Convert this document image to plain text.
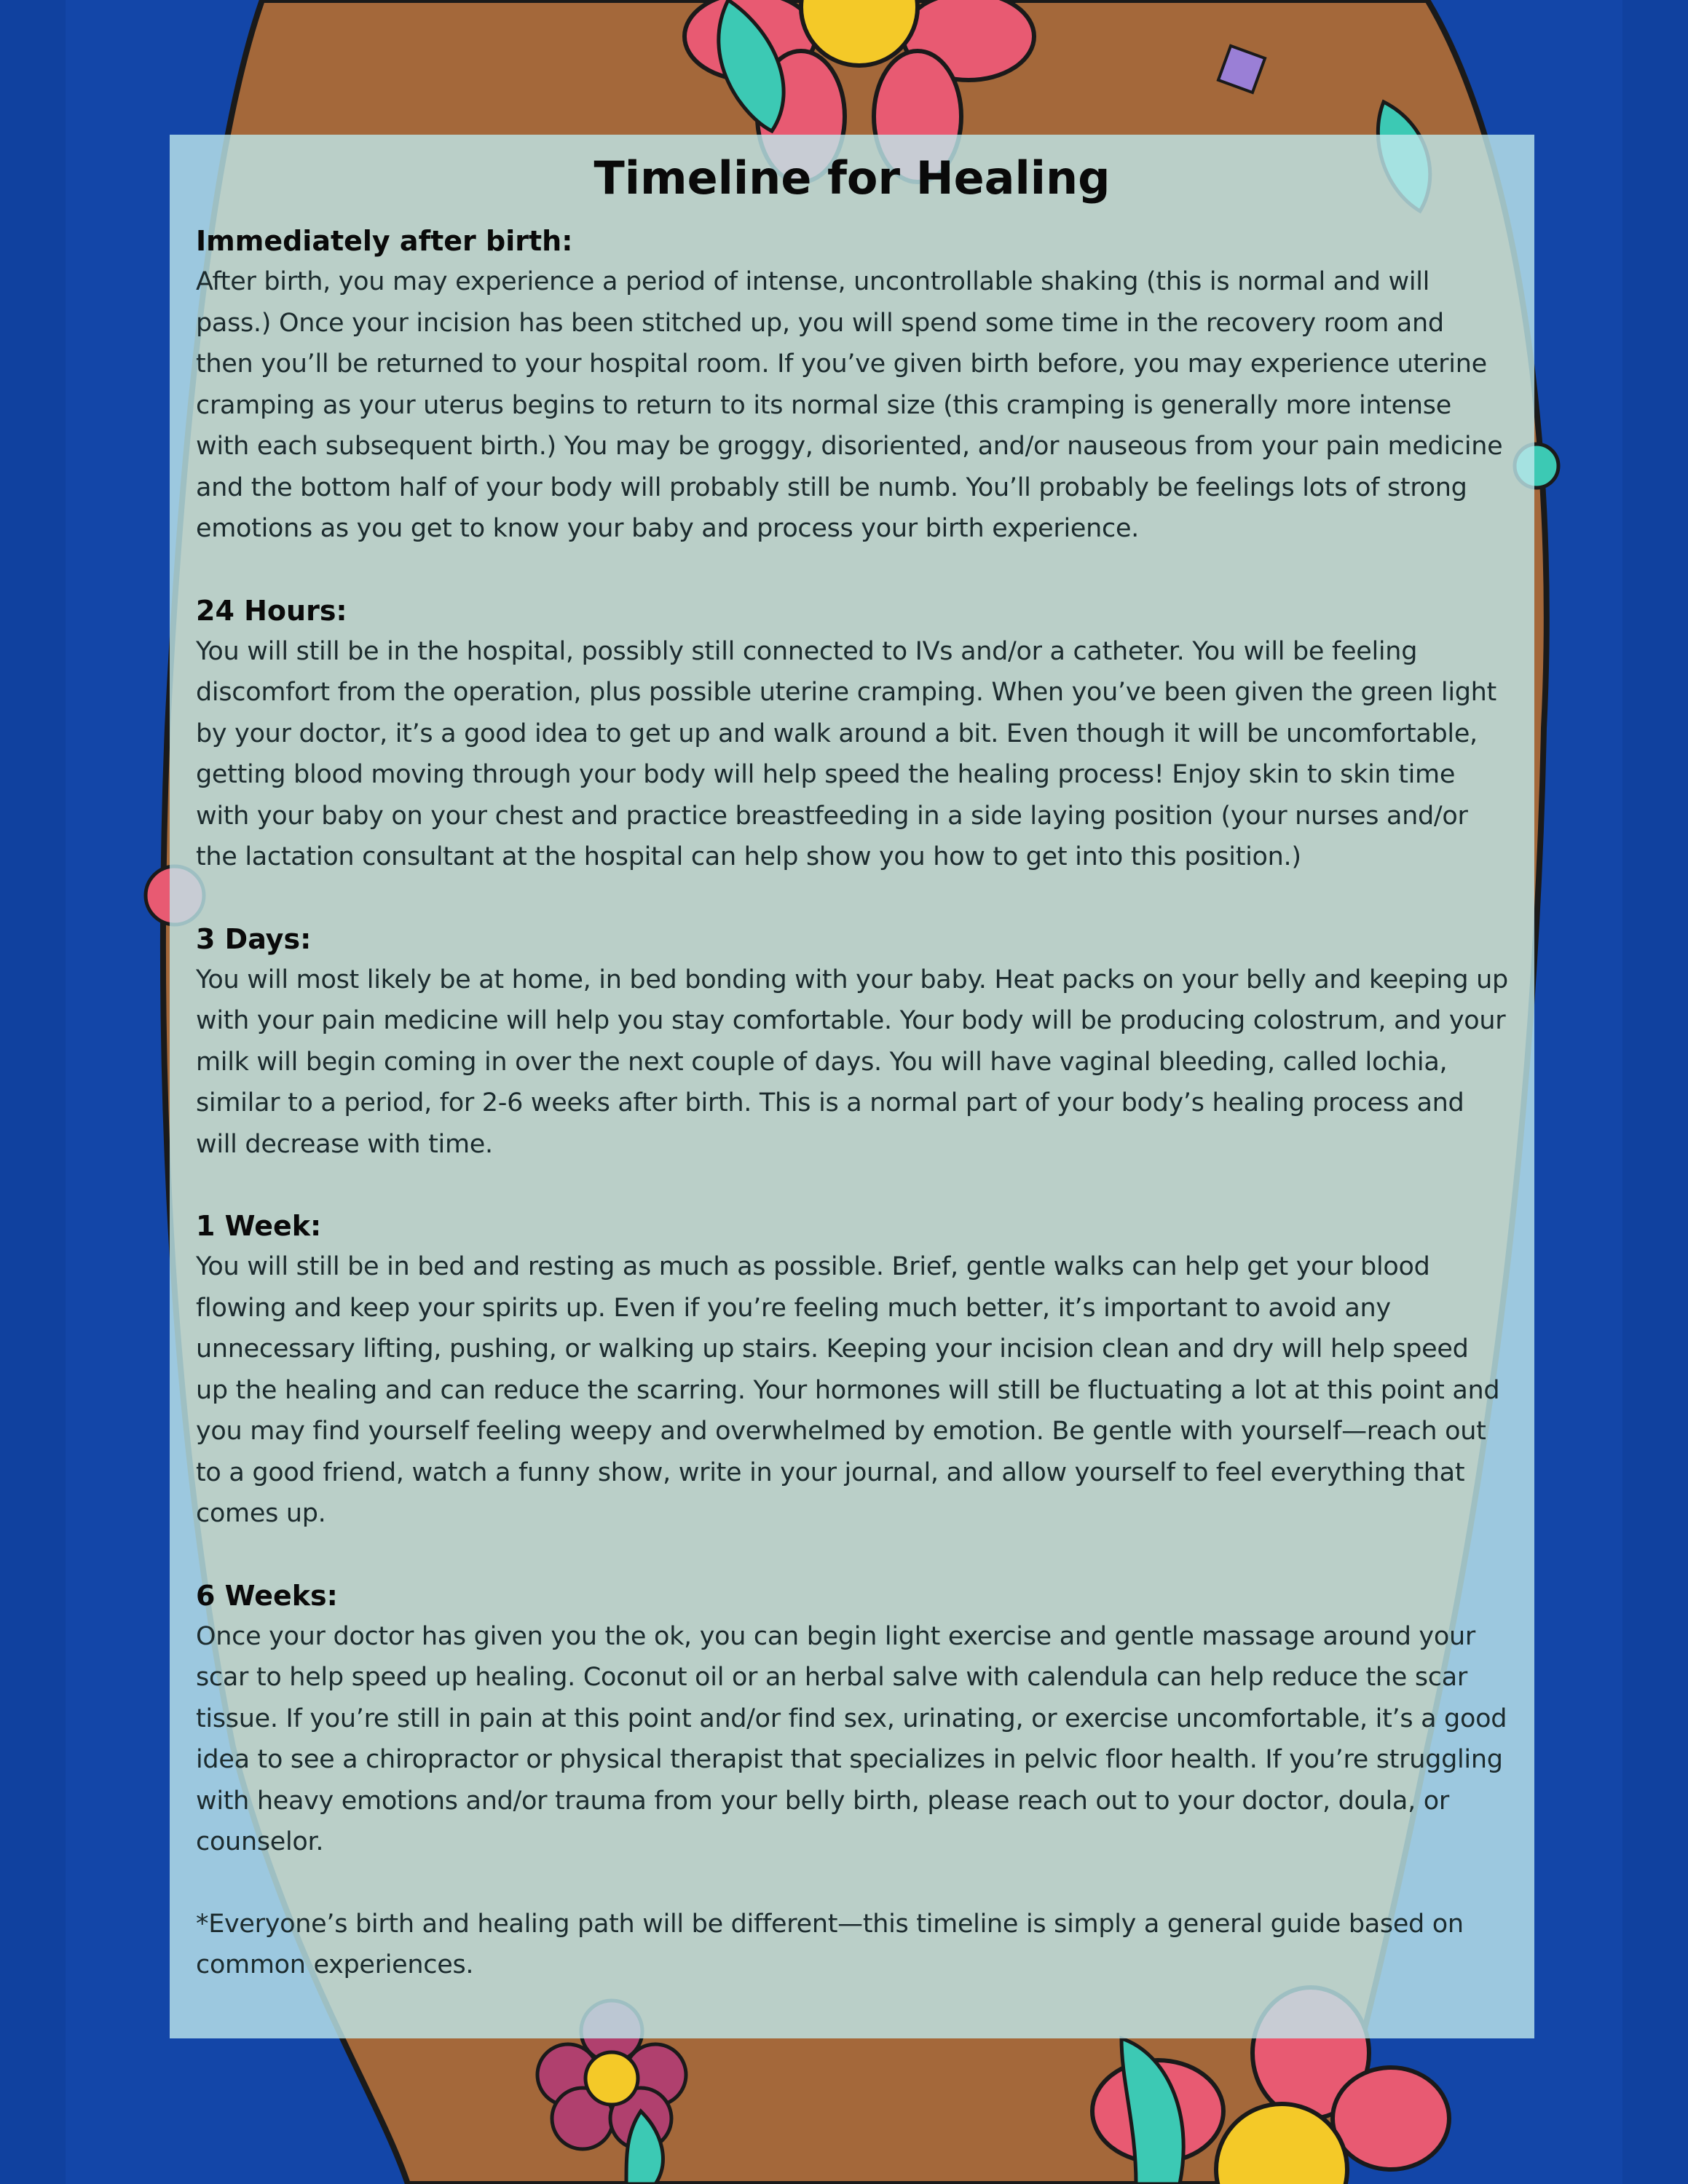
Timeline for Healing
Immediately after birth:

After birth, you may experience a period of intense, uncontrollable shaking (this is normal and will pass.) Once your incision has been stitched up, you will spend some time in the recovery room and then you’ll be returned to your hospital room. If you’ve given birth before, you may experience uterine cramping as your uterus begins to return to its normal size (this cramping is generally more intense with each subsequent birth.) You may be groggy, disoriented, and/or nauseous from your pain medicine and the bottom half of your body will probably still be numb. You’ll probably be feelings lots of strong emotions as you get to know your baby and process your birth experience.

24 Hours:

You will still be in the hospital, possibly still connected to IVs and/or a catheter. You will be feeling discomfort from the operation, plus possible uterine cramping. When you’ve been given the green light by your doctor, it’s a good idea to get up and walk around a bit. Even though it will be uncomfortable, getting blood moving through your body will help speed the healing process! Enjoy skin to skin time with your baby on your chest and practice breastfeeding in a side laying position (your nurses and/or the lactation consultant at the hospital can help show you how to get into this position.)

3 Days:

You will most likely be at home, in bed bonding with your baby. Heat packs on your belly and keeping up with your pain medicine will help you stay comfortable. Your body will be producing colostrum, and your milk will begin coming in over the next couple of days. You will have vaginal bleeding, called lochia, similar to a period, for 2-6 weeks after birth. This is a normal part of your body’s healing process and will decrease with time.

1 Week:

You will still be in bed and resting as much as possible. Brief, gentle walks can help get your blood flowing and keep your spirits up. Even if you’re feeling much better, it’s important to avoid any unnecessary lifting, pushing, or walking up stairs. Keeping your incision clean and dry will help speed up the healing and can reduce the scarring. Your hormones will still be fluctuating a lot at this point and you may find yourself feeling weepy and overwhelmed by emotion. Be gentle with yourself—reach out to a good friend, watch a funny show, write in your journal, and allow yourself to feel everything that comes up.

6 Weeks:

Once your doctor has given you the ok, you can begin light exercise and gentle massage around your scar to help speed up healing. Coconut oil or an herbal salve with calendula can help reduce the scar tissue. If you’re still in pain at this point and/or find sex, urinating, or exercise uncomfortable, it’s a good idea to see a chiropractor or physical therapist that specializes in pelvic floor health. If you’re struggling with heavy emotions and/or trauma from your belly birth, please reach out to your doctor, doula, or counselor.

*Everyone’s birth and healing path will be different—this timeline is simply a general guide based on common experiences.
